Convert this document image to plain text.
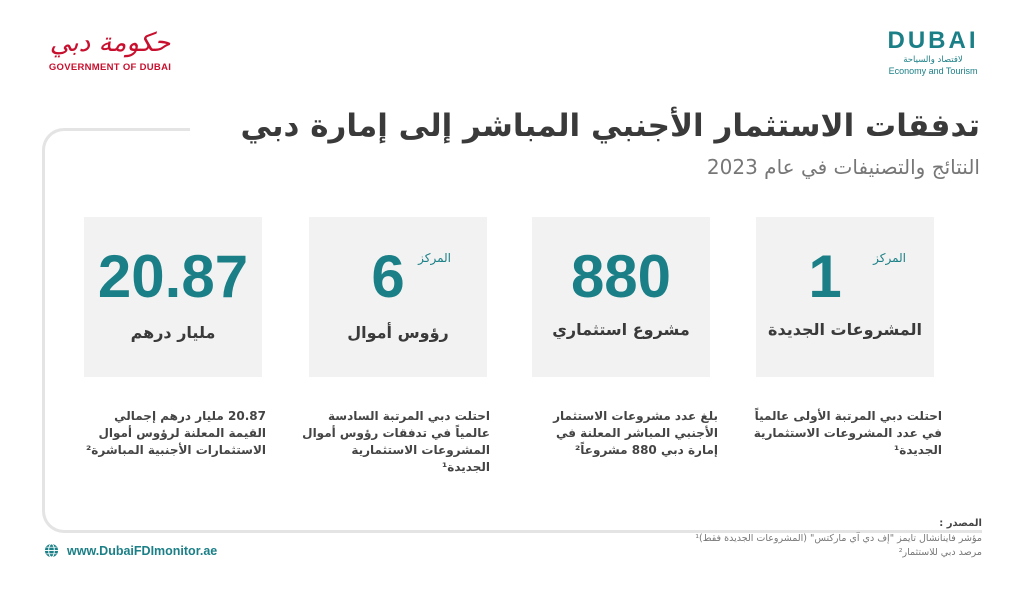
حكومة دبي
GOVERNMENT OF DUBAI
DUBAI
لاقتصاد والسياحة
Economy and Tourism
تدفقات الاستثمار الأجنبي المباشر إلى إمارة دبي
النتائج والتصنيفات في عام 2023
المركز
1
المشروعات الجديدة
880
مشروع استثماري
المركز
6
رؤوس أموال
20.87
مليار درهم
احتلت دبي المرتبة الأولى عالمياً في عدد المشروعات الاستثمارية الجديدة¹
بلغ عدد مشروعات الاستثمار الأجنبي المباشر المعلنة في إمارة دبي 880 مشروعاً²
احتلت دبي المرتبة السادسة عالمياً في تدفقات رؤوس أموال المشروعات الاستثمارية الجديدة¹
20.87 مليار درهم إجمالي القيمة المعلنة لرؤوس أموال الاستثمارات الأجنبية المباشرة²
المصدر :
مؤشر فاينانشال تايمز "إف دي آي ماركتس" (المشروعات الجديدة فقط)¹
مرصد دبي للاستثمار²
www.DubaiFDImonitor.ae
